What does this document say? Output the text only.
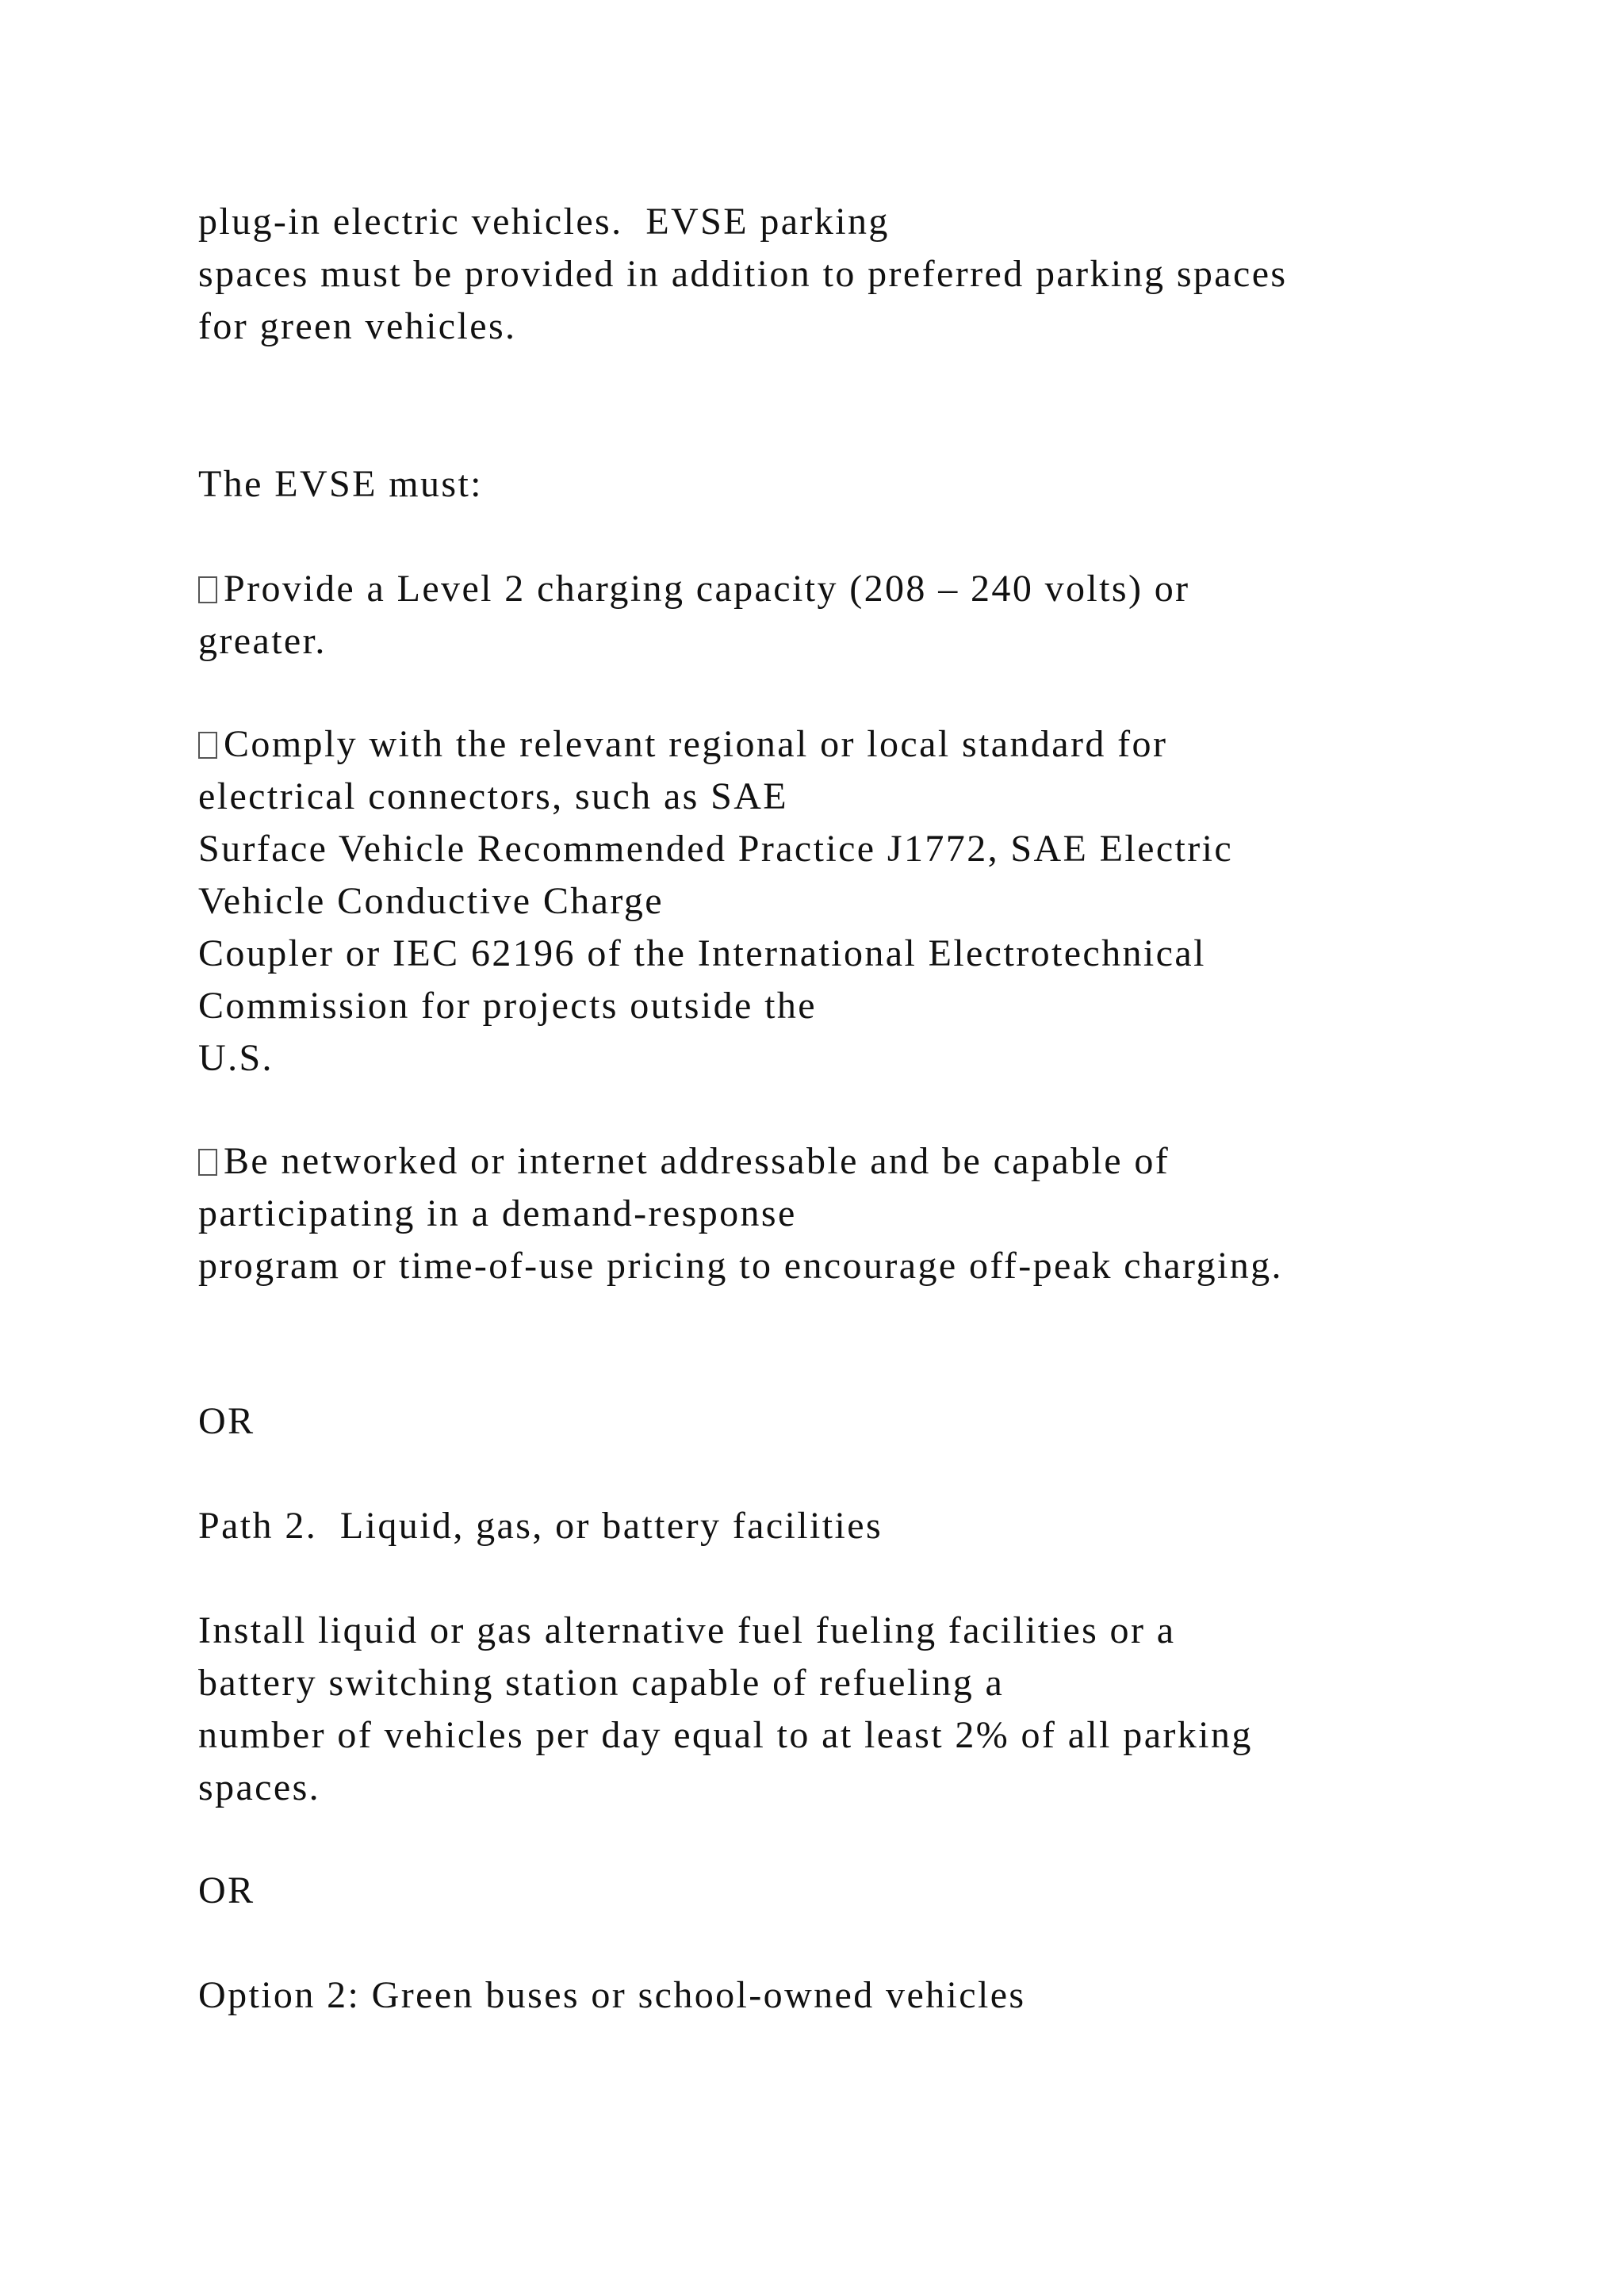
plug-in electric vehicles.  EVSE parking

spaces must be provided in addition to preferred parking spaces

for green vehicles.

The EVSE must:

Provide a Level 2 charging capacity (208 – 240 volts) or

greater.

Comply with the relevant regional or local standard for

electrical connectors, such as SAE

Surface Vehicle Recommended Practice J1772, SAE Electric

Vehicle Conductive Charge

Coupler or IEC 62196 of the International Electrotechnical

Commission for projects outside the

U.S.

Be networked or internet addressable and be capable of

participating in a demand-response

program or time-of-use pricing to encourage off-peak charging.

OR

Path 2.  Liquid, gas, or battery facilities

Install liquid or gas alternative fuel fueling facilities or a

battery switching station capable of refueling a

number of vehicles per day equal to at least 2% of all parking

spaces.

OR

Option 2: Green buses or school-owned vehicles
